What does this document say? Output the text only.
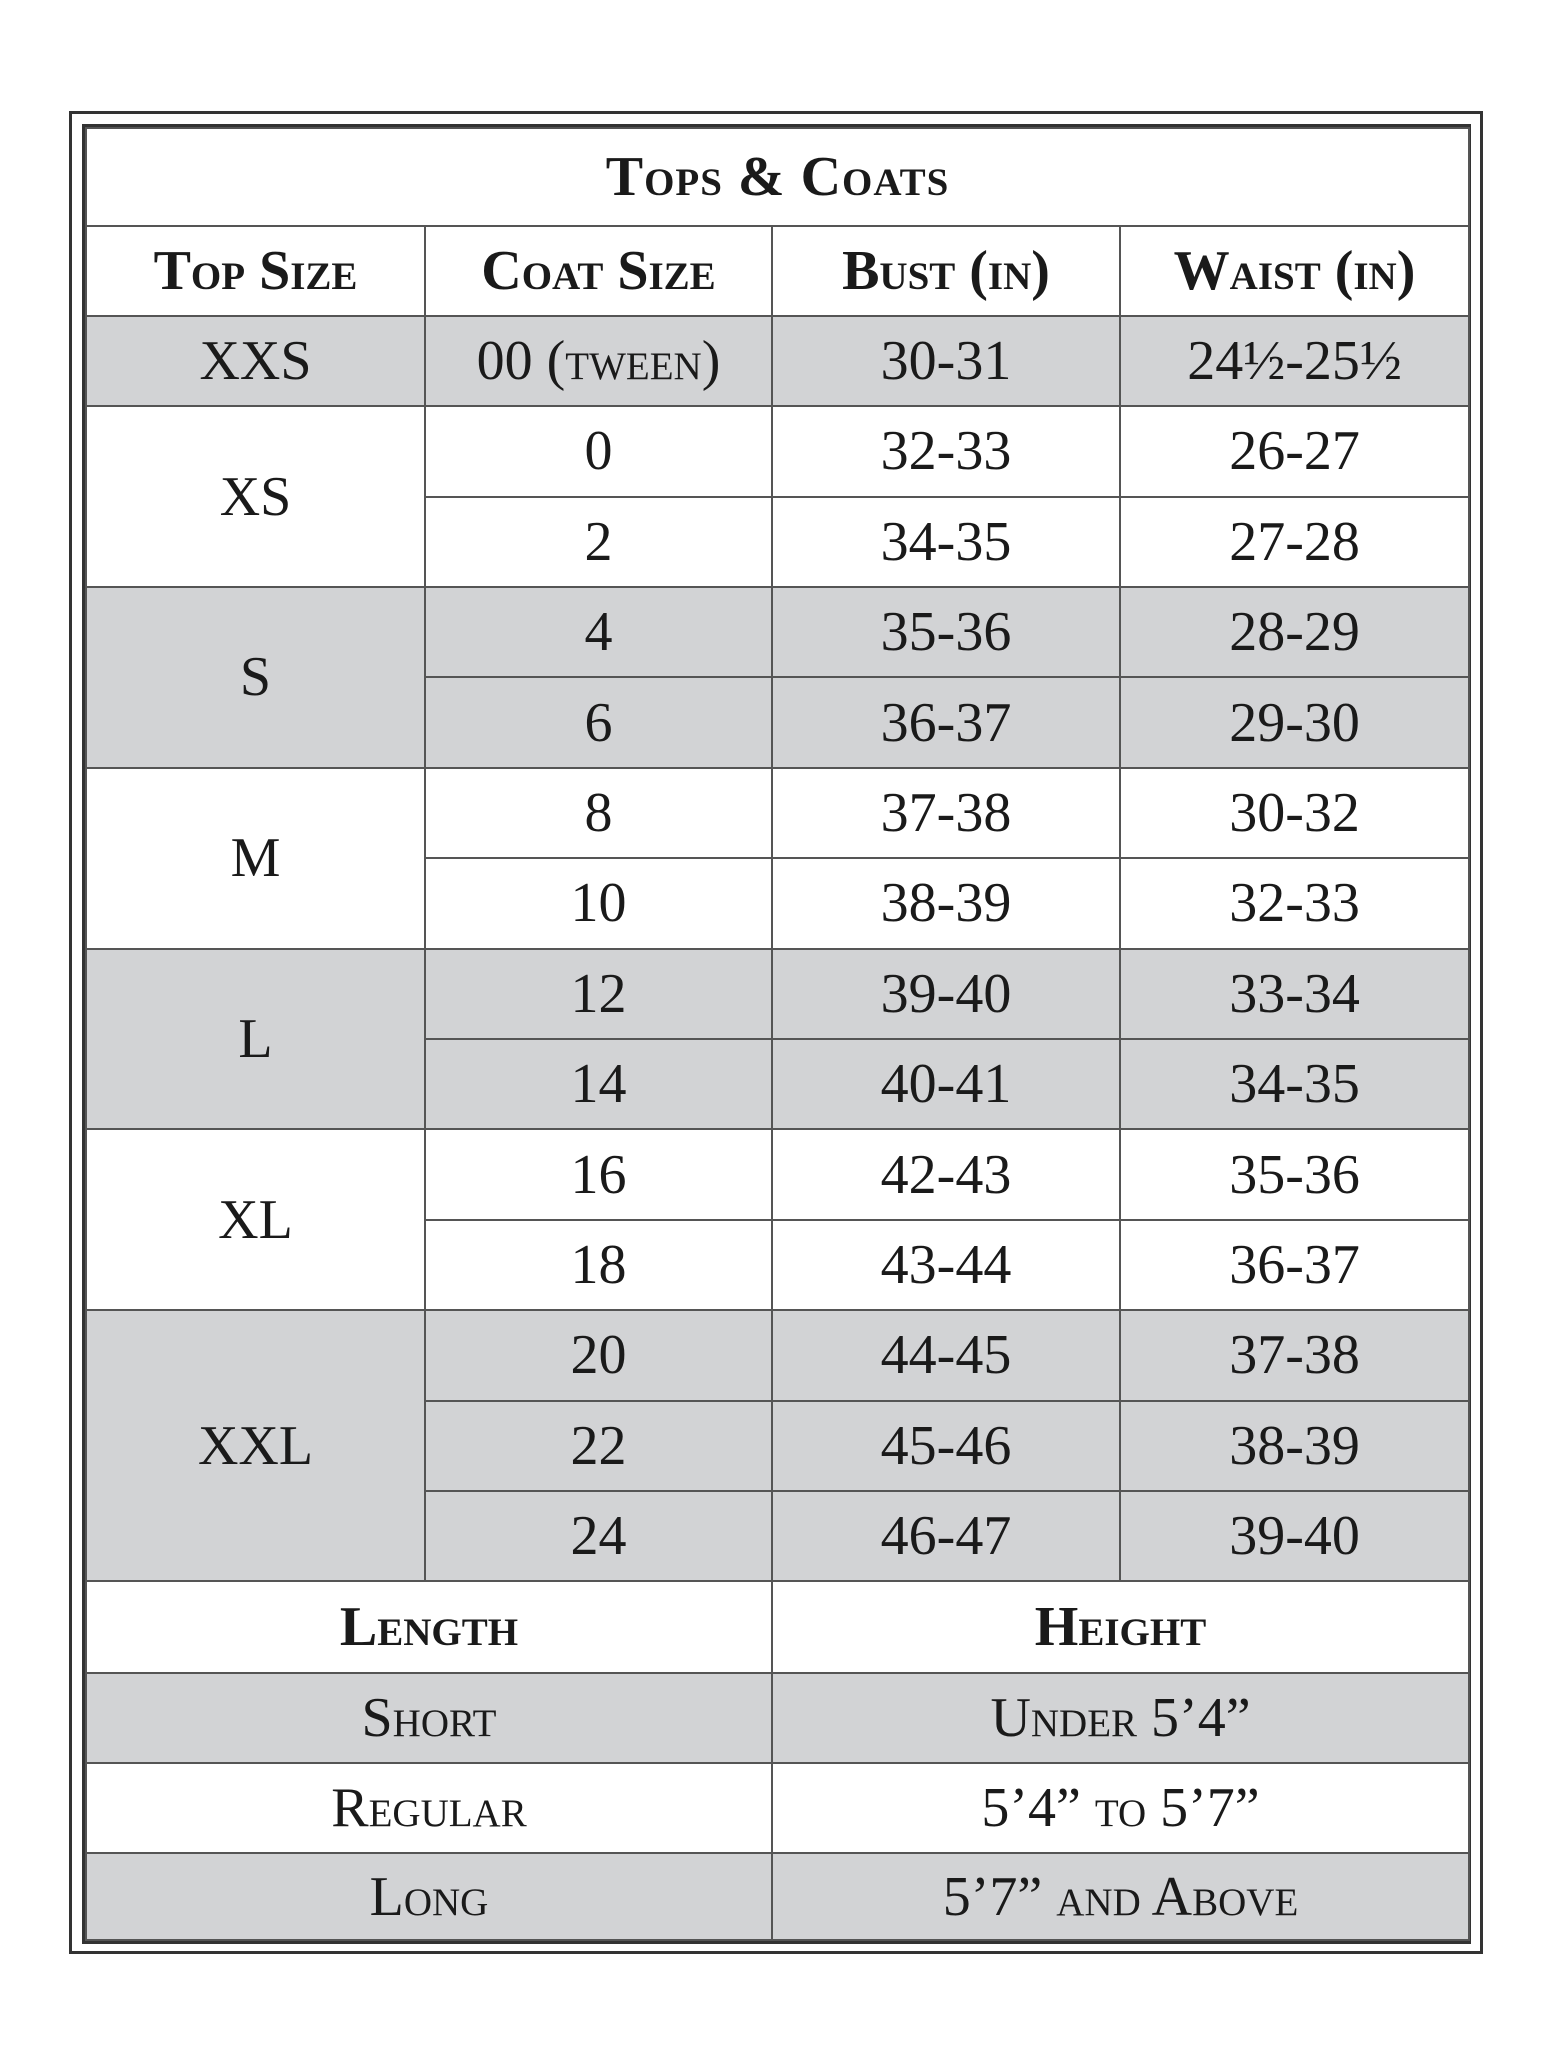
Tops & Coats			
Top Size	Coat Size	Bust (in)	Waist (in)
XXS	00 (tween)	30-31	24½-25½
XS	0	32-33	26-27
	2	34-35	27-28
S	4	35-36	28-29
	6	36-37	29-30
M	8	37-38	30-32
	10	38-39	32-33
L	12	39-40	33-34
	14	40-41	34-35
XL	16	42-43	35-36
	18	43-44	36-37
XXL	20	44-45	37-38
	22	45-46	38-39
	24	46-47	39-40
Length		Height	
Short		Under 5’4”	
Regular		5’4” to 5’7”	
Long		5’7” and Above	
